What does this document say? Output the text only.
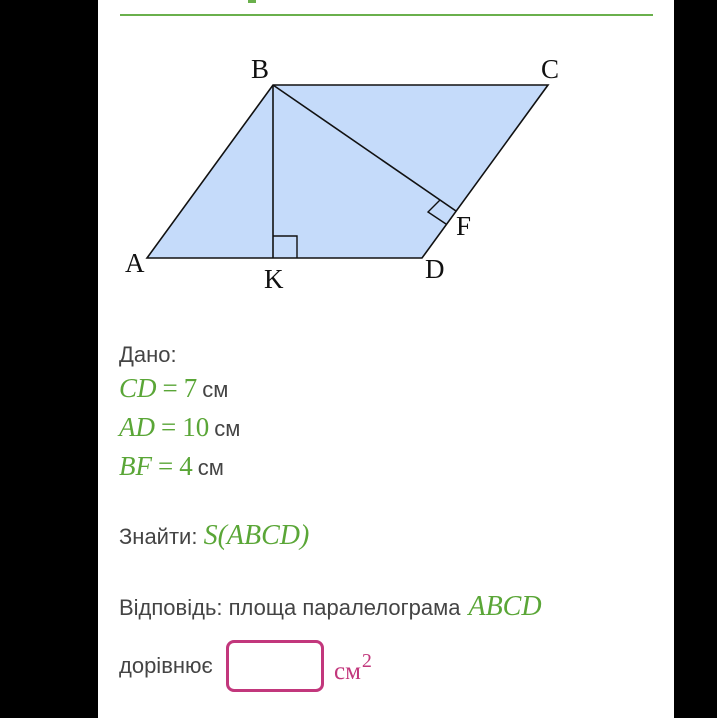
A
B	C
D
K
F
Дано:
CD = 7 см
AD = 10 см
BF = 4 см
Знайти: S(ABCD)
Відповідь: площа паралелограма ABCD
дорівнює	$см^2$
